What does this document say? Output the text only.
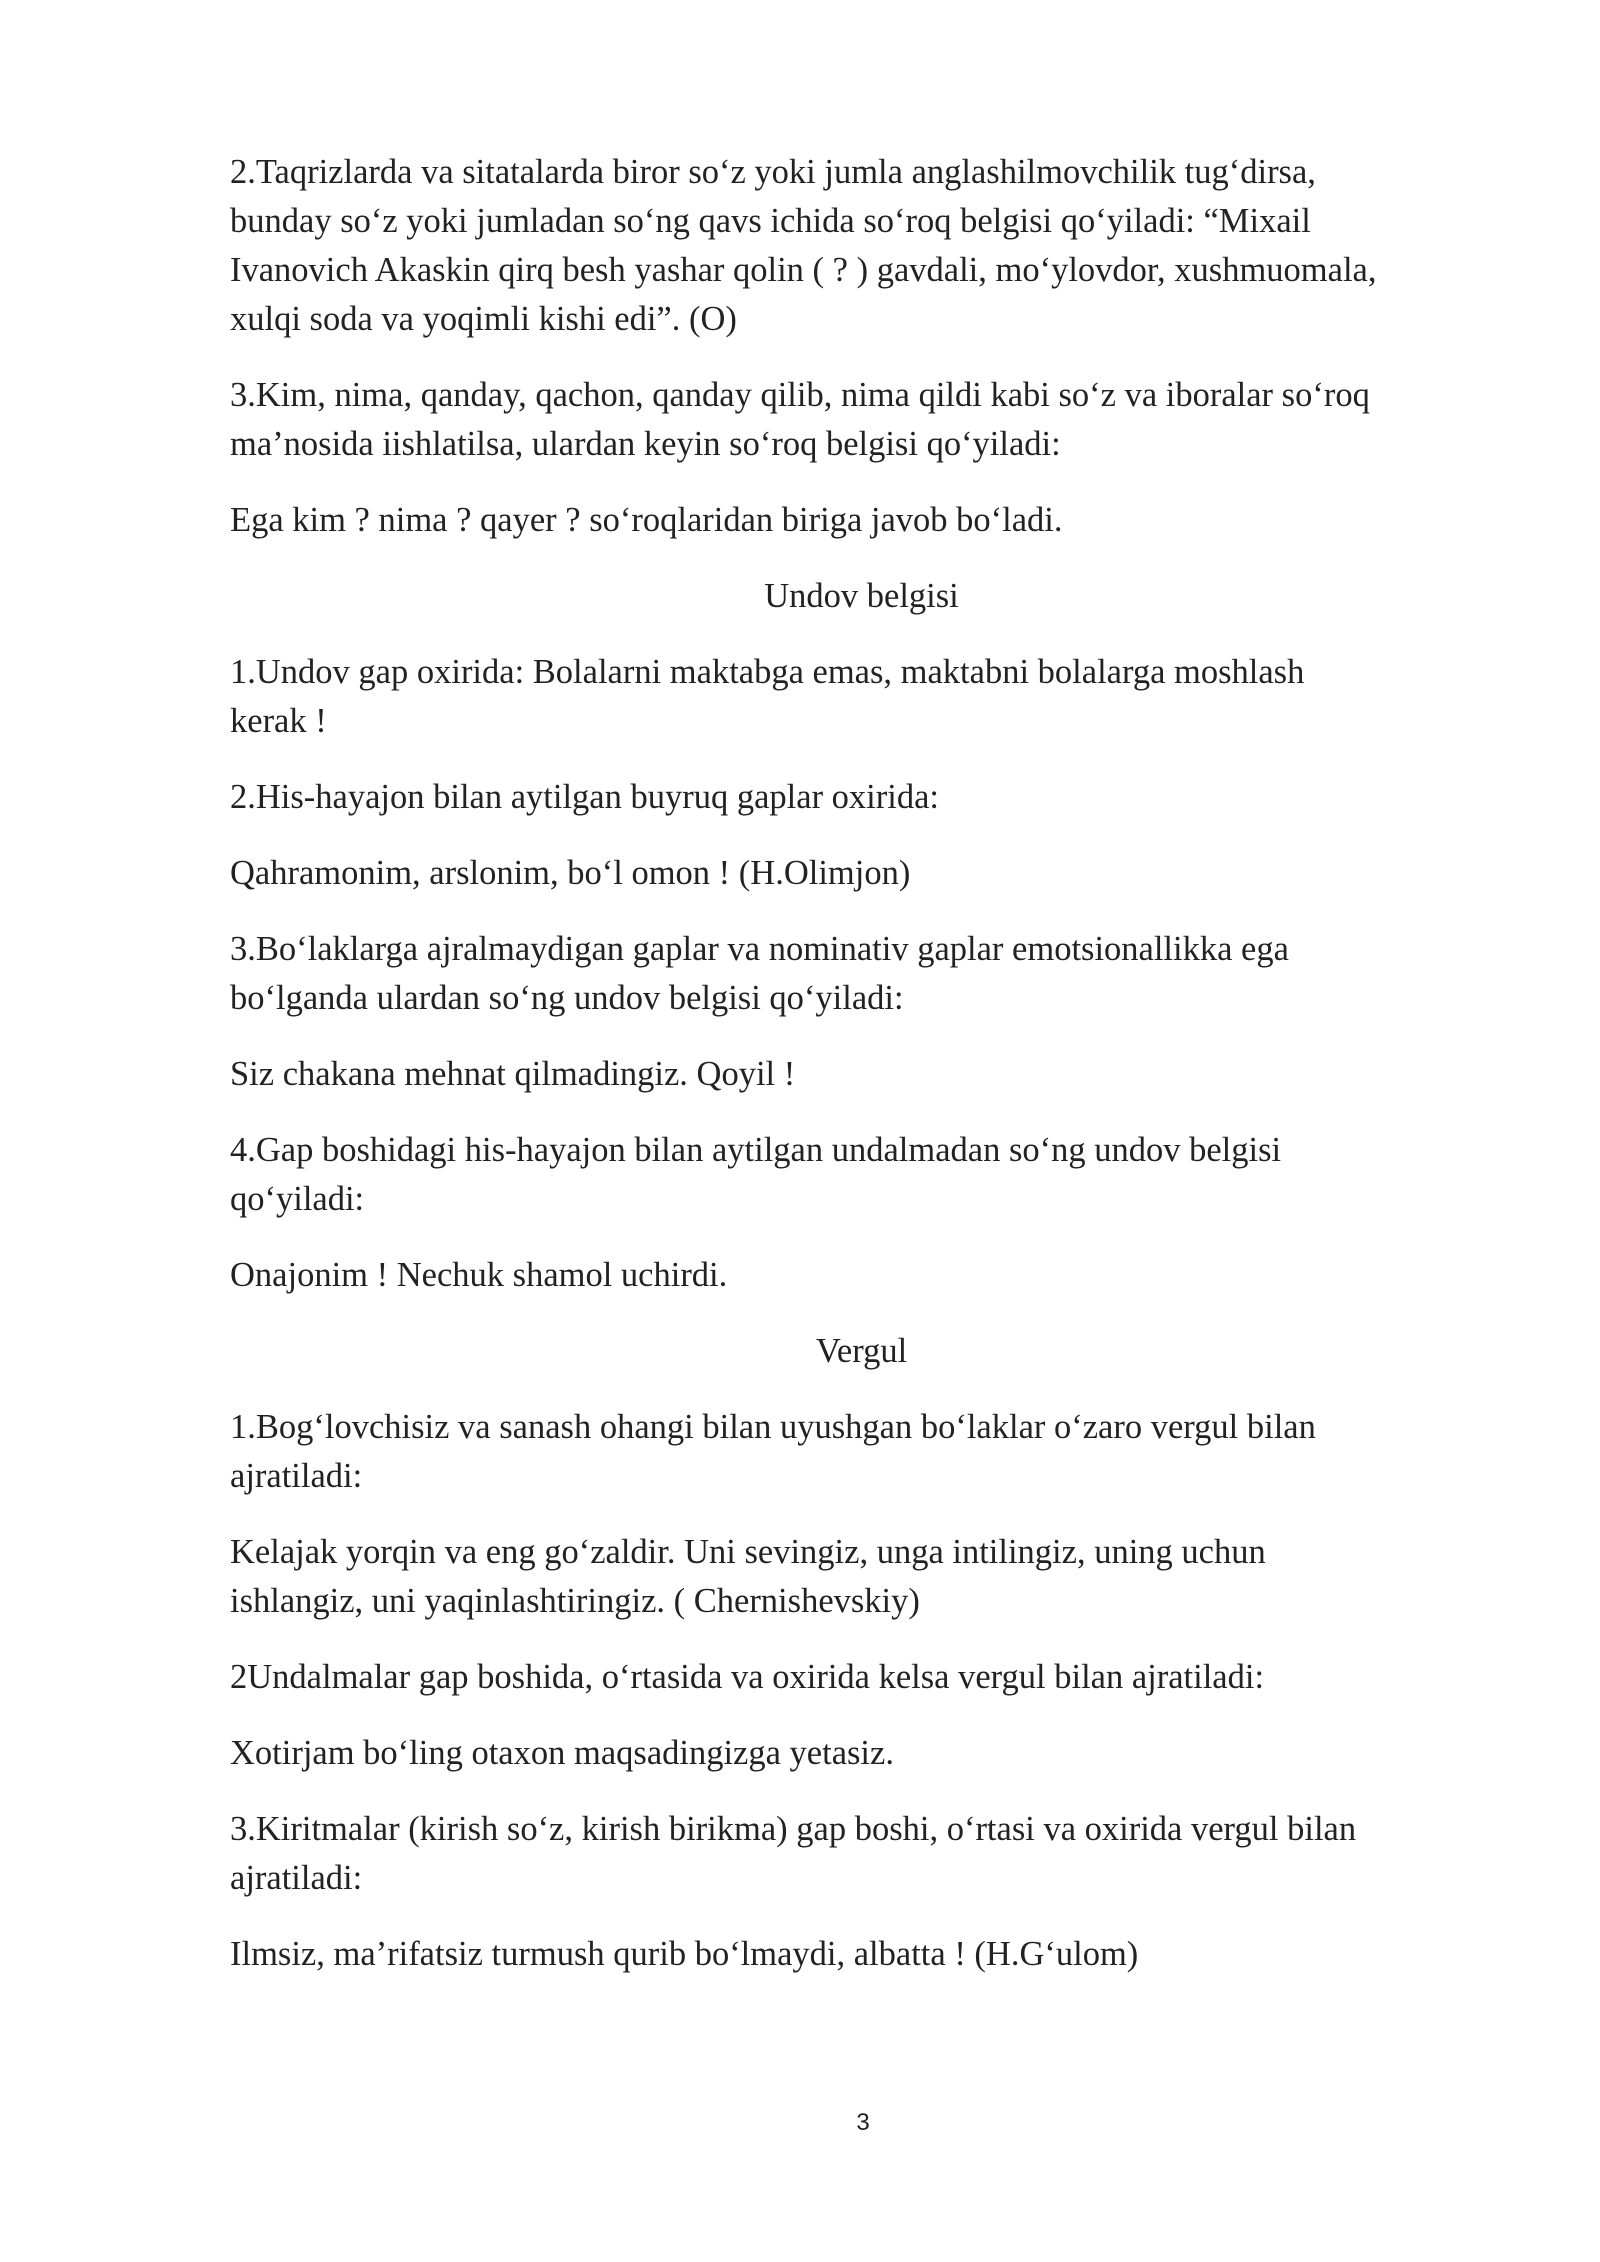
2.Taqrizlarda va sitatalarda biror so‘z yoki jumla anglashilmovchilik tug‘dirsa,
bunday so‘z yoki jumladan so‘ng qavs ichida so‘roq belgisi qo‘yiladi: “Mixail
Ivanovich Akaskin qirq besh yashar qolin ( ? ) gavdali, mo‘ylovdor, xushmuomala,
xulqi soda va yoqimli kishi edi”. (O)

3.Kim, nima, qanday, qachon, qanday qilib, nima qildi kabi so‘z va iboralar so‘roq
ma’nosida iishlatilsa, ulardan keyin so‘roq belgisi qo‘yiladi:

Ega kim ? nima ? qayer ? so‘roqlaridan biriga javob bo‘ladi.

Undov belgisi

1.Undov gap oxirida: Bolalarni maktabga emas, maktabni bolalarga moshlash
kerak !

2.His-hayajon bilan aytilgan buyruq gaplar oxirida:

Qahramonim, arslonim, bo‘l omon ! (H.Olimjon)

3.Bo‘laklarga ajralmaydigan gaplar va nominativ gaplar emotsionallikka ega
bo‘lganda ulardan so‘ng undov belgisi qo‘yiladi:

Siz chakana mehnat qilmadingiz. Qoyil !

4.Gap boshidagi his-hayajon bilan aytilgan undalmadan so‘ng undov belgisi
qo‘yiladi:

Onajonim ! Nechuk shamol uchirdi.

Vergul

1.Bog‘lovchisiz va sanash ohangi bilan uyushgan bo‘laklar o‘zaro vergul bilan
ajratiladi:

Kelajak yorqin va eng go‘zaldir. Uni sevingiz, unga intilingiz, uning uchun
ishlangiz, uni yaqinlashtiringiz. ( Chernishevskiy)

2Undalmalar gap boshida, o‘rtasida va oxirida kelsa vergul bilan ajratiladi:

Xotirjam bo‘ling otaxon maqsadingizga yetasiz.

3.Kiritmalar (kirish so‘z, kirish birikma) gap boshi, o‘rtasi va oxirida vergul bilan
ajratiladi:

Ilmsiz, ma’rifatsiz turmush qurib bo‘lmaydi, albatta ! (H.G‘ulom)

3
